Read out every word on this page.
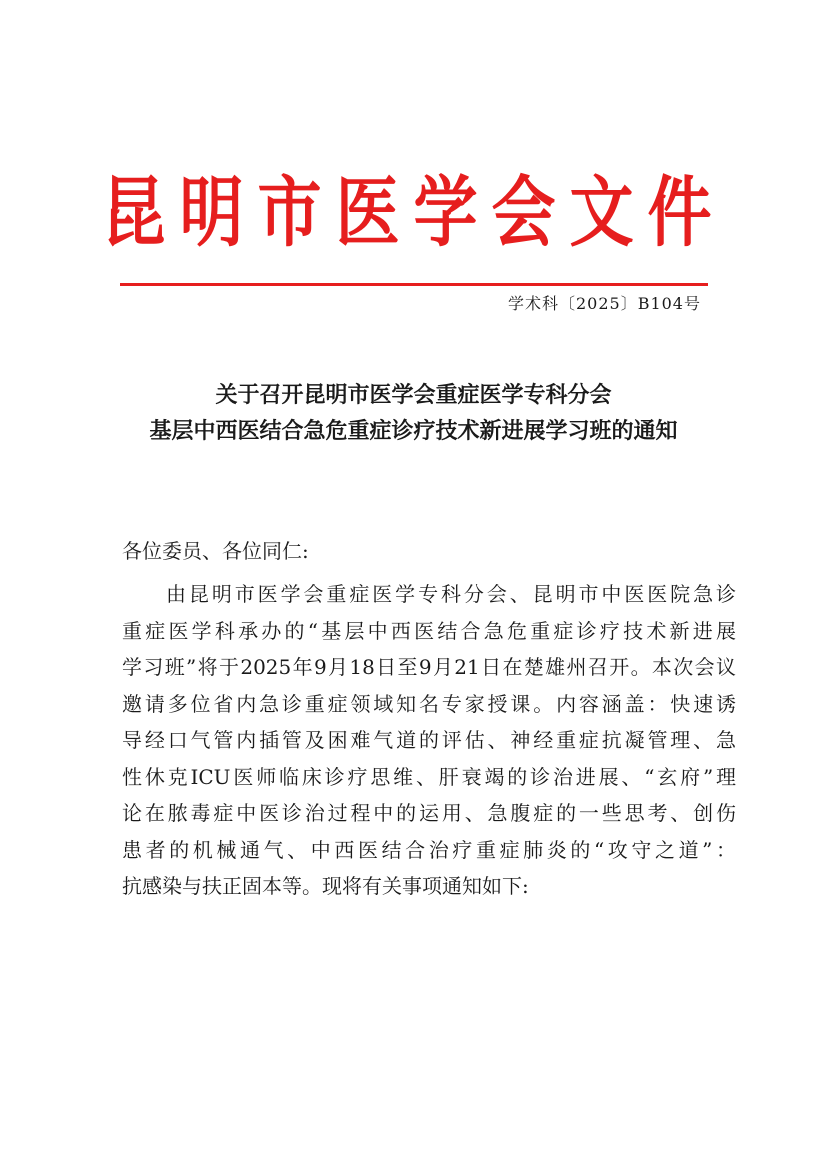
昆明市医学会文件
学术科〔2025〕B104号
关于召开昆明市医学会重症医学专科分会
基层中西医结合急危重症诊疗技术新进展学习班的通知
各位委员、各位同仁:
由昆明市医学会重症医学专科分会、昆明市中医医院急诊
重症医学科承办的“基层中西医结合急危重症诊疗技术新进展
学习班”将于2025年9月18日至9月21日在楚雄州召开。本次会议
邀请多位省内急诊重症领域知名专家授课。内容涵盖：快速诱
导经口气管内插管及困难气道的评估、神经重症抗凝管理、急
性休克ICU医师临床诊疗思维、肝衰竭的诊治进展、“玄府”理
论在脓毒症中医诊治过程中的运用、急腹症的一些思考、创伤
患者的机械通气、中西医结合治疗重症肺炎的“攻守之道”：
抗感染与扶正固本等。现将有关事项通知如下:
